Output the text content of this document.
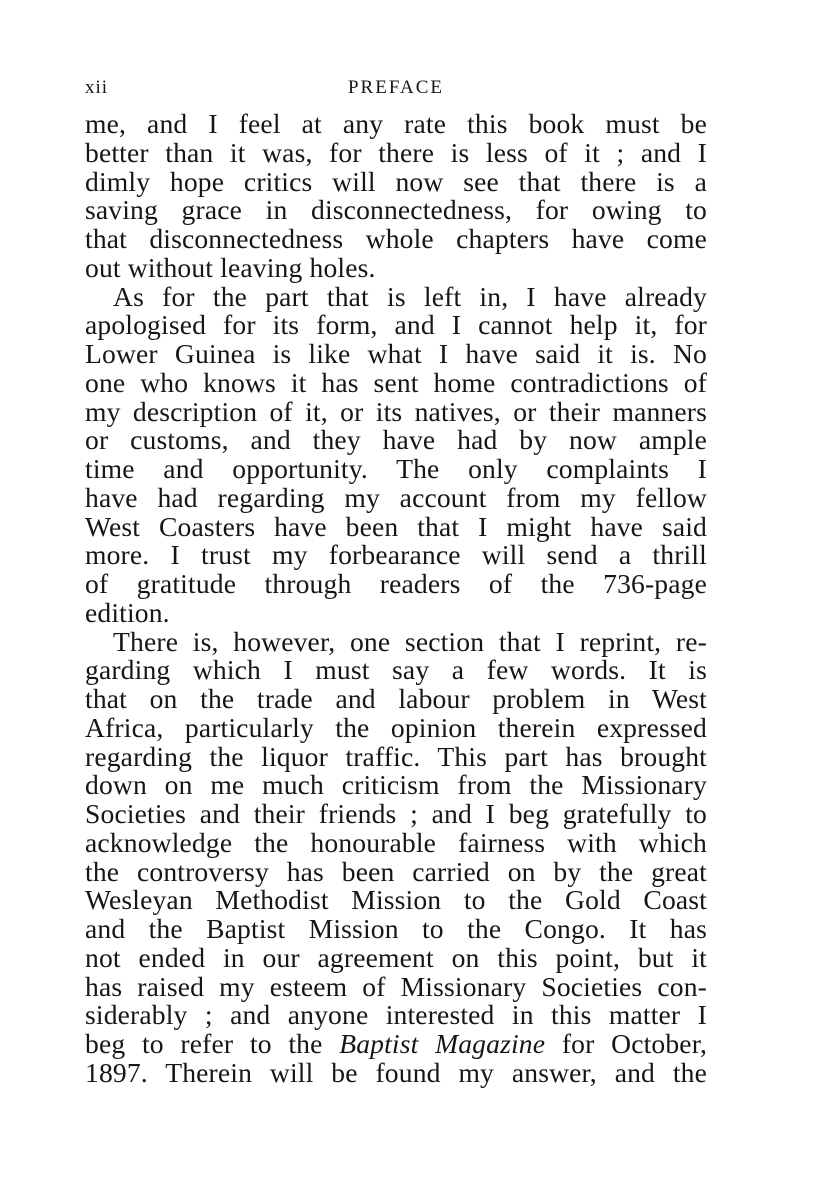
xii	PREFACE
me, and I feel at any rate this book must be
better than it was, for there is less of it ; and I
dimly hope critics will now see that there is a
saving grace in disconnectedness, for owing to
that disconnectedness whole chapters have come
out without leaving holes.
As for the part that is left in, I have already
apologised for its form, and I cannot help it, for
Lower Guinea is like what I have said it is. No
one who knows it has sent home contradictions of
my description of it, or its natives, or their manners
or customs, and they have had by now ample
time and opportunity. The only complaints I
have had regarding my account from my fellow
West Coasters have been that I might have said
more. I trust my forbearance will send a thrill
of gratitude through readers of the 736-page
edition.
There is, however, one section that I reprint, re-
garding which I must say a few words. It is
that on the trade and labour problem in West
Africa, particularly the opinion therein expressed
regarding the liquor traffic. This part has brought
down on me much criticism from the Missionary
Societies and their friends ; and I beg gratefully to
acknowledge the honourable fairness with which
the controversy has been carried on by the great
Wesleyan Methodist Mission to the Gold Coast
and the Baptist Mission to the Congo. It has
not ended in our agreement on this point, but it
has raised my esteem of Missionary Societies con-
siderably ; and anyone interested in this matter I
beg to refer to the Baptist Magazine for October,
1897. Therein will be found my answer, and the
